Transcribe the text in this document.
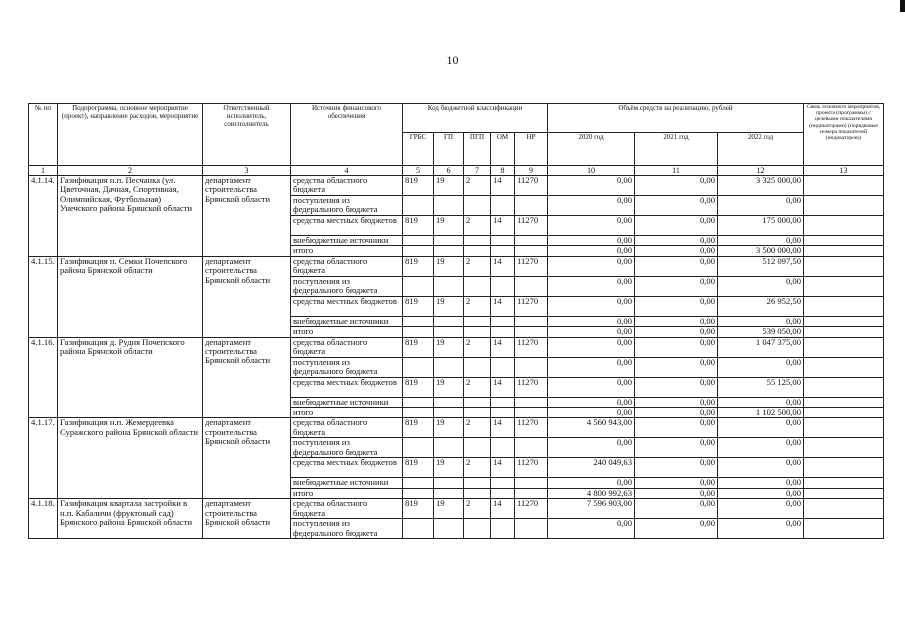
10
№ пп	Подпрограмма, основное мероприятие (проект), направление расходов, мероприятие	Ответственный исполнитель, соисполнитель	Источник финансового обеспечения	Код бюджетной классификации					Объём средств на реализацию, рублей			Связь основного мероприятия, проекта (программы) с целевыми показателями (индикаторами) (порядковые номера показателей (индикаторов))
				ГРБС	ГП	ПГП	ОМ	НР	2020 год	2021 год	2022 год	
1	2	3	4	5	6	7	8	9	10	11	12	13
4.1.14.	Газификация н.п. Песчанка (ул. Цветочная, Дачная, Спортивная, Олимпийская, Футбольная) Унечского района Брянской области	департамент строительства Брянской области	средства областного бюджета	819	19	2	14	11270	0,00	0,00	3 325 000,00	
			поступления из федерального бюджета						0,00	0,00	0,00	
			средства местных бюджетов	819	19	2	14	11270	0,00	0,00	175 000,00	
			внебюджетные источники						0,00	0,00	0,00	
			итого						0,00	0,00	3 500 000,00	
4.1.15.	Газификация п. Семки Почепского района Брянской области	департамент строительства Брянской области	средства областного бюджета	819	19	2	14	11270	0,00	0,00	512 097,50	
			поступления из федерального бюджета						0,00	0,00	0,00	
			средства местных бюджетов	819	19	2	14	11270	0,00	0,00	26 952,50	
			внебюджетные источники						0,00	0,00	0,00	
			итого						0,00	0,00	539 050,00	
4.1.16.	Газификация д. Рудня Почепского района Брянской области	департамент строительства Брянской области	средства областного бюджета	819	19	2	14	11270	0,00	0,00	1 047 375,00	
			поступления из федерального бюджета						0,00	0,00	0,00	
			средства местных бюджетов	819	19	2	14	11270	0,00	0,00	55 125,00	
			внебюджетные источники						0,00	0,00	0,00	
			итого						0,00	0,00	1 102 500,00	
4.1.17.	Газификация н.п. Жемердеевка Суражского района Брянской области	департамент строительства Брянской области	средства областного бюджета	819	19	2	14	11270	4 560 943,00	0,00	0,00	
			поступления из федерального бюджета						0,00	0,00	0,00	
			средства местных бюджетов	819	19	2	14	11270	240 049,63	0,00	0,00	
			внебюджетные источники						0,00	0,00	0,00	
			итого						4 800 992,63	0,00	0,00	
4.1.18.	Газификация квартала застройки в н.п. Кабаличи (фруктовый сад) Брянского района Брянской области	департамент строительства Брянской области	средства областного бюджета	819	19	2	14	11270	7 596 903,00	0,00	0,00	
			поступления из федерального бюджета						0,00	0,00	0,00	
